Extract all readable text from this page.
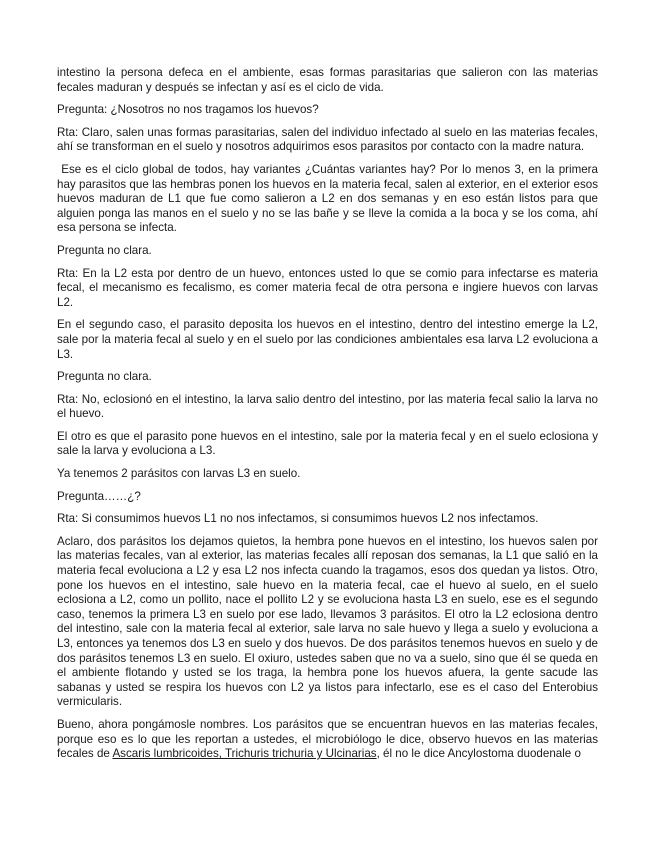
intestino la persona defeca en el ambiente, esas formas parasitarias que salieron con las materias fecales maduran y después se infectan y así es el ciclo de vida.

Pregunta: ¿Nosotros no nos tragamos los huevos?

Rta: Claro, salen unas formas parasitarias, salen del individuo infectado al suelo en las materias fecales, ahí se transforman en el suelo y nosotros adquirimos esos parasitos por contacto con la madre natura.

Ese es el ciclo global de todos, hay variantes ¿Cuántas variantes hay? Por lo menos 3, en la primera hay parasitos que las hembras ponen los huevos en la materia fecal, salen al exterior, en el exterior esos huevos maduran de L1 que fue como salieron a L2 en dos semanas y en eso están listos para que alguien ponga las manos en el suelo y no se las bañe y se lleve la comida a la boca y se los coma, ahí esa persona se infecta.

Pregunta no clara.

Rta: En la L2 esta por dentro de un huevo, entonces usted lo que se comio para infectarse es materia fecal, el mecanismo es fecalismo, es comer materia fecal de otra persona e ingiere huevos con larvas L2.

En el segundo caso, el parasito deposita los huevos en el intestino, dentro del intestino emerge la L2, sale por la materia fecal al suelo y en el suelo por las condiciones ambientales esa larva L2 evoluciona a L3.

Pregunta no clara.

Rta: No, eclosionó en el intestino, la larva salio dentro del intestino, por las materia fecal salio la larva no el huevo.

El otro es que el parasito pone huevos en el intestino, sale por la materia fecal y en el suelo eclosiona y sale la larva y evoluciona a L3.

Ya tenemos 2 parásitos con larvas L3 en suelo.

Pregunta……¿?

Rta: Si consumimos huevos L1 no nos infectamos, si consumimos huevos L2 nos infectamos.

Aclaro, dos parásitos los dejamos quietos, la hembra pone huevos en el intestino, los huevos salen por las materias fecales, van al exterior, las materias fecales allí reposan dos semanas, la L1 que salió en la materia fecal evoluciona a L2 y esa L2 nos infecta cuando la tragamos, esos dos quedan ya listos. Otro, pone los huevos en el intestino, sale huevo en la materia fecal, cae el huevo al suelo, en el suelo eclosiona a L2, como un pollito, nace el pollito L2 y se evoluciona hasta L3 en suelo, ese es el segundo caso, tenemos la primera L3 en suelo por ese lado, llevamos 3 parásitos. El otro la L2 eclosiona dentro del intestino, sale con la materia fecal al exterior, sale larva no sale huevo y llega a suelo y evoluciona a L3, entonces ya tenemos dos L3 en suelo y dos huevos. De dos parásitos tenemos huevos en suelo y de dos parásitos tenemos L3 en suelo. El oxiuro, ustedes saben que no va a suelo, sino que él se queda en el ambiente flotando y usted se los traga, la hembra pone los huevos afuera, la gente sacude las sabanas y usted se respira los huevos con L2 ya listos para infectarlo, ese es el caso del Enterobius vermicularis.

Bueno, ahora pongámosle nombres. Los parásitos que se encuentran huevos en las materias fecales, porque eso es lo que les reportan a ustedes, el microbiólogo le dice, observo huevos en las materias fecales de Ascaris lumbricoides, Trichuris trichuria y Ulcinarias, él no le dice Ancylostoma duodenale o
